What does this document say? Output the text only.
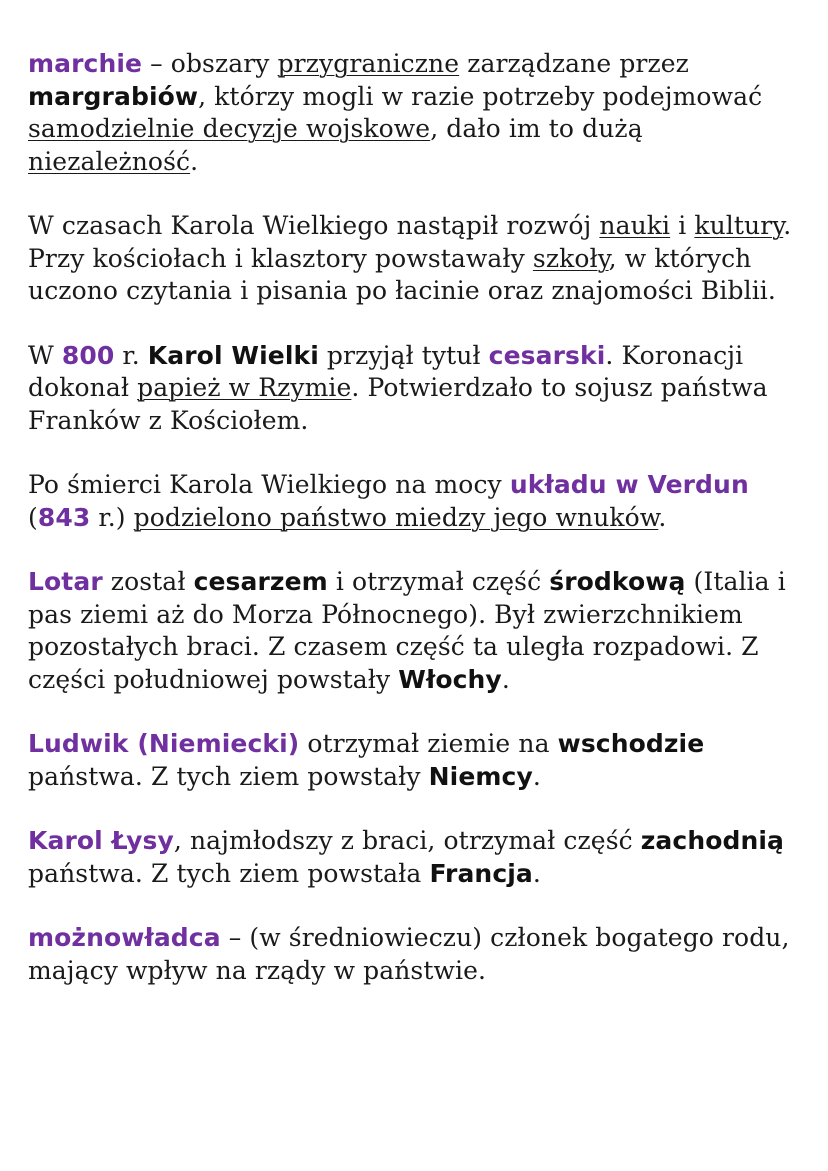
marchie – obszary przygraniczne zarządzane przez margrabiów, którzy mogli w razie potrzeby podejmować samodzielnie decyzje wojskowe, dało im to dużą niezależność.

W czasach Karola Wielkiego nastąpił rozwój nauki i kultury. Przy kościołach i klasztory powstawały szkoły, w których uczono czytania i pisania po łacinie oraz znajomości Biblii.

W 800 r. Karol Wielki przyjął tytuł cesarski. Koronacji dokonał papież w Rzymie. Potwierdzało to sojusz państwa Franków z Kościołem.

Po śmierci Karola Wielkiego na mocy układu w Verdun (843 r.) podzielono państwo miedzy jego wnuków.

Lotar został cesarzem i otrzymał część środkową (Italia i pas ziemi aż do Morza Północnego). Był zwierzchnikiem pozostałych braci. Z czasem część ta uległa rozpadowi. Z części południowej powstały Włochy.

Ludwik (Niemiecki) otrzymał ziemie na wschodzie państwa. Z tych ziem powstały Niemcy.

Karol Łysy, najmłodszy z braci, otrzymał część zachodnią państwa. Z tych ziem powstała Francja.

możnowładca – (w średniowieczu) członek bogatego rodu, mający wpływ na rządy w państwie.
